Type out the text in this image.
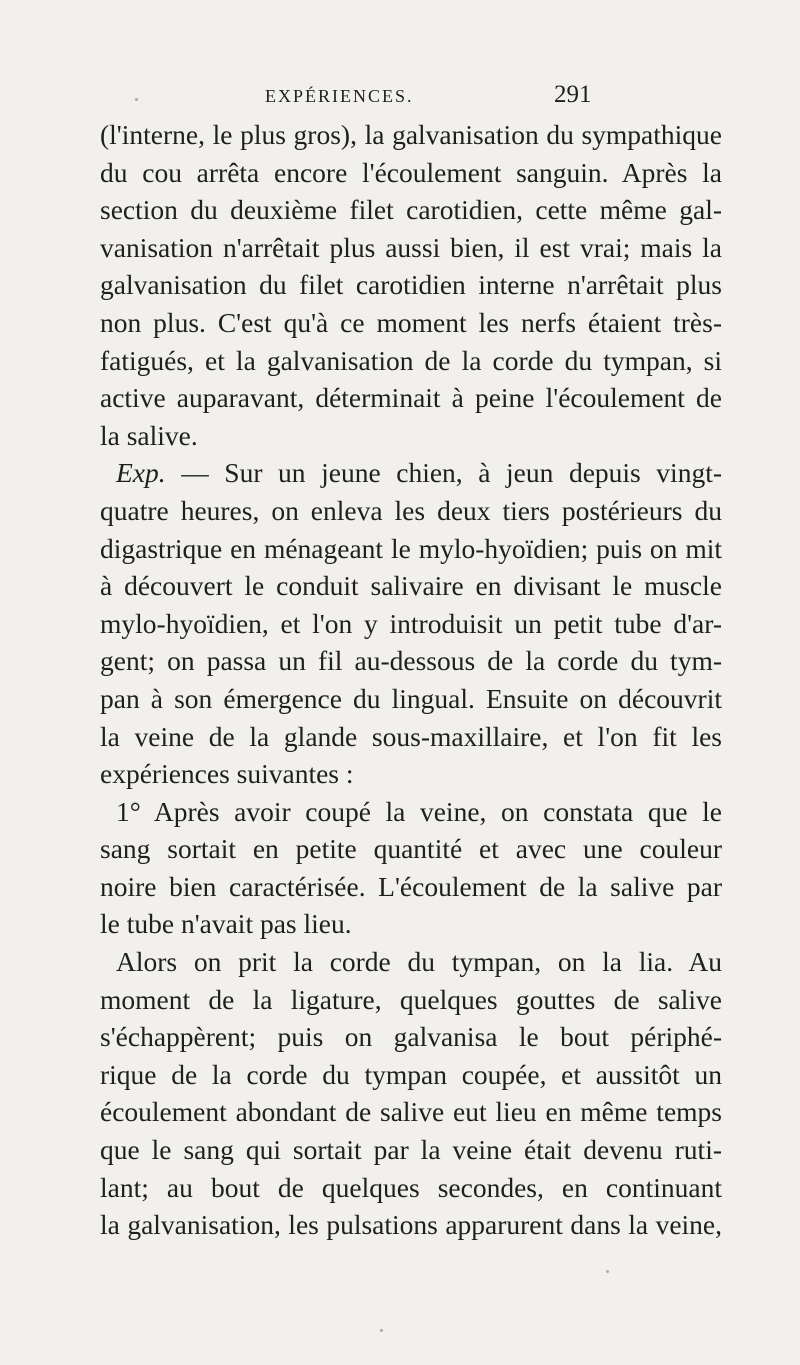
EXPÉRIENCES.	291
(l'interne, le plus gros), la galvanisation du sympathique
du cou arrêta encore l'écoulement sanguin. Après la
section du deuxième filet carotidien, cette même gal-
vanisation n'arrêtait plus aussi bien, il est vrai; mais la
galvanisation du filet carotidien interne n'arrêtait plus
non plus. C'est qu'à ce moment les nerfs étaient très-
fatigués, et la galvanisation de la corde du tympan, si
active auparavant, déterminait à peine l'écoulement de
la salive.
Exp. — Sur un jeune chien, à jeun depuis vingt-
quatre heures, on enleva les deux tiers postérieurs du
digastrique en ménageant le mylo-hyoïdien; puis on mit
à découvert le conduit salivaire en divisant le muscle
mylo-hyoïdien, et l'on y introduisit un petit tube d'ar-
gent; on passa un fil au-dessous de la corde du tym-
pan à son émergence du lingual. Ensuite on découvrit
la veine de la glande sous-maxillaire, et l'on fit les
expériences suivantes :
1° Après avoir coupé la veine, on constata que le
sang sortait en petite quantité et avec une couleur
noire bien caractérisée. L'écoulement de la salive par
le tube n'avait pas lieu.
Alors on prit la corde du tympan, on la lia. Au
moment de la ligature, quelques gouttes de salive
s'échappèrent; puis on galvanisa le bout périphé-
rique de la corde du tympan coupée, et aussitôt un
écoulement abondant de salive eut lieu en même temps
que le sang qui sortait par la veine était devenu ruti-
lant; au bout de quelques secondes, en continuant
la galvanisation, les pulsations apparurent dans la veine,
